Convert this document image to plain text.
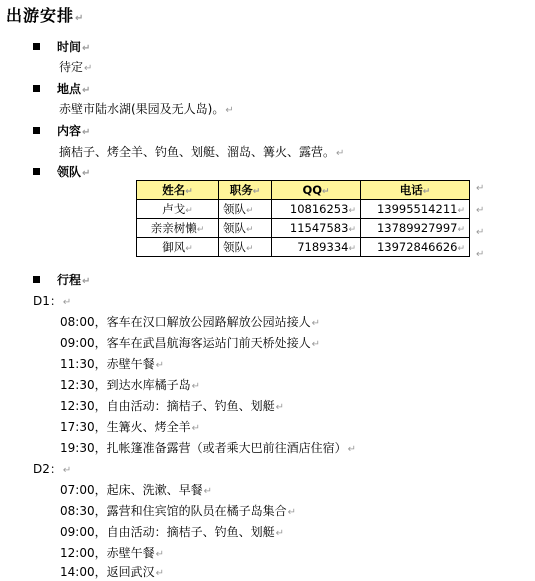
出游安排↵
时间↵
待定↵
地点↵
赤壁市陆水湖(果园及无人岛)。↵
内容↵
摘桔子、烤全羊、钓鱼、划艇、溜岛、篝火、露营。↵
领队↵
姓名↵	职务↵	QQ↵	电话↵
卢戈↵	领队↵	10816253↵	13995514211↵
亲亲树懒↵	领队↵	11547583↵	13789927997↵
御风↵	领队↵	7189334↵	13972846626↵
↵
↵
↵
↵
行程↵
D1：↵
08:00，客车在汉口解放公园路解放公园站接人↵
09:00，客车在武昌航海客运站门前天桥处接人↵
11:30，赤壁午餐↵
12:30，到达水库橘子岛↵
12:30，自由活动：摘桔子、钓鱼、划艇↵
17:30，生篝火、烤全羊↵
19:30，扎帐篷准备露营（或者乘大巴前往酒店住宿）↵
D2：↵
07:00，起床、洗漱、早餐↵
08:30，露营和住宾馆的队员在橘子岛集合↵
09:00，自由活动：摘桔子、钓鱼、划艇↵
12:00，赤壁午餐↵
14:00，返回武汉↵
